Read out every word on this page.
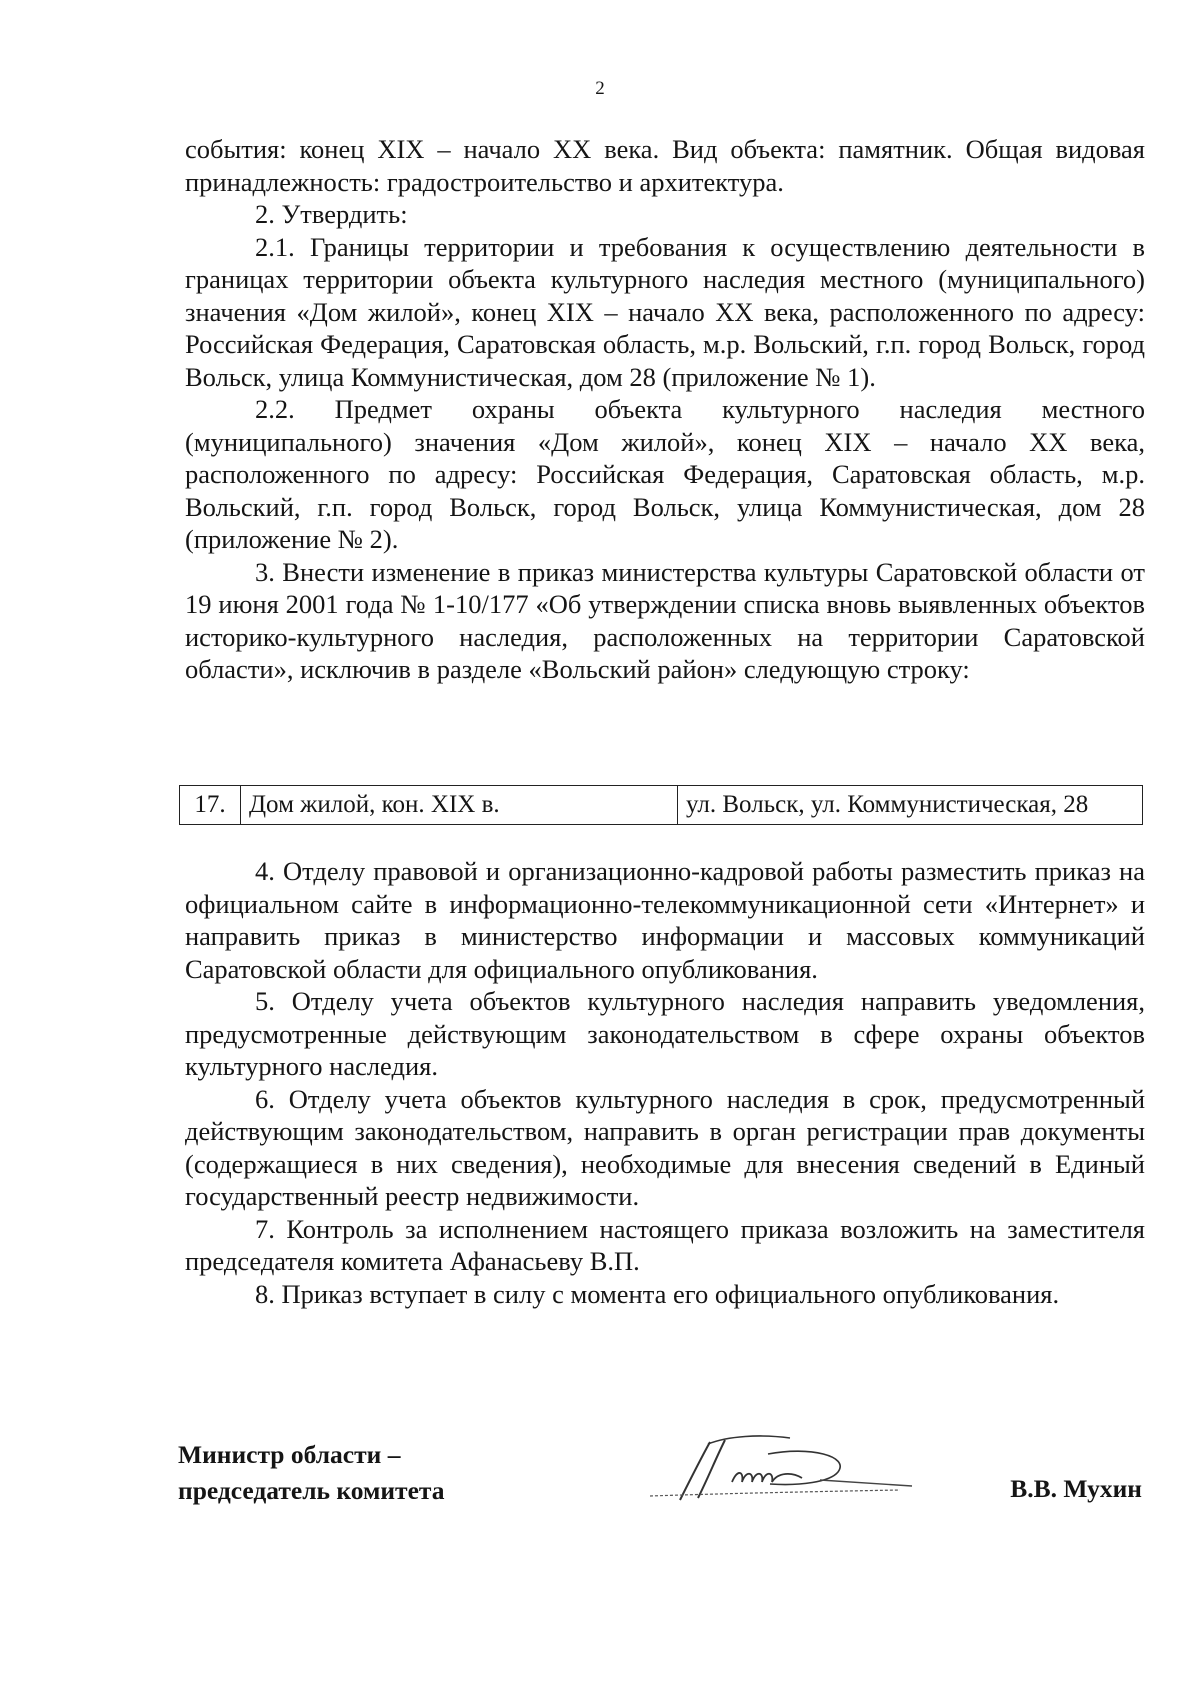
2

события: конец XIX – начало XX века. Вид объекта: памятник. Общая видовая принадлежность: градостроительство и архитектура.

2. Утвердить:

2.1. Границы территории и требования к осуществлению деятельности в границах территории объекта культурного наследия местного (муниципального) значения «Дом жилой», конец XIX – начало XX века, расположенного по адресу: Российская Федерация, Саратовская область, м.р. Вольский, г.п. город Вольск, город Вольск, улица Коммунистическая, дом 28 (приложение № 1).

2.2. Предмет охраны объекта культурного наследия местного (муниципального) значения «Дом жилой», конец XIX – начало XX века, расположенного по адресу: Российская Федерация, Саратовская область, м.р. Вольский, г.п. город Вольск, город Вольск, улица Коммунистическая, дом 28 (приложение № 2).

3. Внести изменение в приказ министерства культуры Саратовской области от 19 июня 2001 года № 1-10/177 «Об утверждении списка вновь выявленных объектов историко-культурного наследия, расположенных на территории Саратовской области», исключив в разделе «Вольский район» следующую строку:

17.	Дом жилой, кон. XIX в.	ул. Вольск, ул. Коммунистическая, 28

4. Отделу правовой и организационно-кадровой работы разместить приказ на официальном сайте в информационно-телекоммуникационной сети «Интернет» и направить приказ в министерство информации и массовых коммуникаций Саратовской области для официального опубликования.

5. Отделу учета объектов культурного наследия направить уведомления, предусмотренные действующим законодательством в сфере охраны объектов культурного наследия.

6. Отделу учета объектов культурного наследия в срок, предусмотренный действующим законодательством, направить в орган регистрации прав документы (содержащиеся в них сведения), необходимые для внесения сведений в Единый государственный реестр недвижимости.

7. Контроль за исполнением настоящего приказа возложить на заместителя председателя комитета Афанасьеву В.П.

8. Приказ вступает в силу с момента его официального опубликования.

Министр области –
председатель комитета	В.В. Мухин
